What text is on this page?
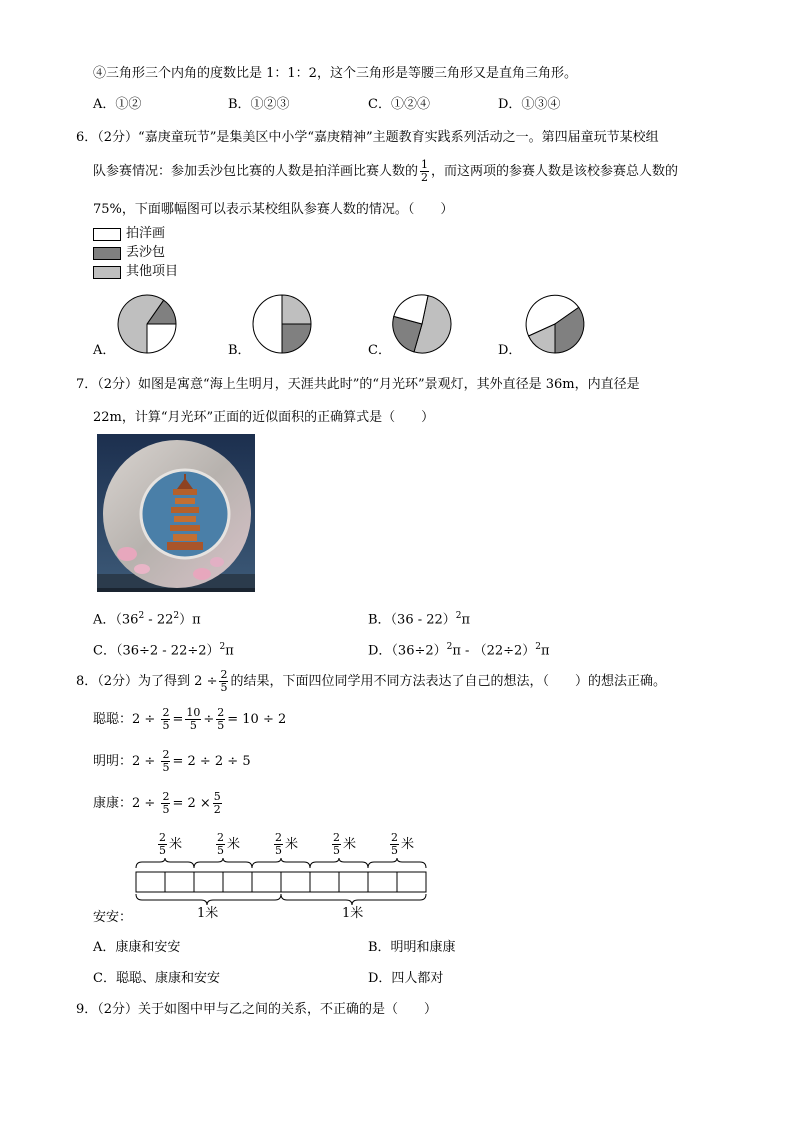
④三角形三个内角的度数比是 1：1：2，这个三角形是等腰三角形又是直角三角形。
A．①②	B．①②③	C．①②④	D．①③④
6．（2分）“嘉庚童玩节”是集美区中小学“嘉庚精神”主题教育实践系列活动之一。第四届童玩节某校组
队参赛情况：参加丢沙包比赛的人数是拍洋画比赛人数的 $\frac{1}{2}$ ，而这两项的参赛人数是该校参赛总人数的
75%，下面哪幅图可以表示某校组队参赛人数的情况。（　　）
拍洋画
丢沙包
其他项目
A．	B．	C．	D．
7．（2分）如图是寓意“海上生明月，天涯共此时”的“月光环”景观灯，其外直径是 36m，内直径是
22m，计算“月光环”正面的近似面积的正确算式是（　　）
A．$(36^2 - 22^2)\pi$	B．（36 - 22）$^2$π
C．$(36\div 2 - 22\div 2)^2\pi$	D．$(36\div 2)^2\pi - (22\div 2)^2\pi$
8．（2分）为了得到 $2 \div \frac{2}{5}$ 的结果，下面四位同学用不同方法表达了自己的想法，（　　）的想法正确。
聪聪：$2 \div \frac{2}{5} = \frac{10}{5} \div \frac{2}{5} = 10 \div 2$
明明：$2 \div \frac{2}{5} = 2 \div 2 \div 5$
康康：$2 \div \frac{2}{5} = 2 \times \frac{5}{2}$
$\frac{2}{5}$ 米	$\frac{2}{5}$ 米	$\frac{2}{5}$ 米	$\frac{2}{5}$ 米	$\frac{2}{5}$ 米
安安：	1米	1米
A．康康和安安	B．明明和康康
C．聪聪、康康和安安	D．四人都对
9．（2分）关于如图中甲与乙之间的关系，不正确的是（　　）
